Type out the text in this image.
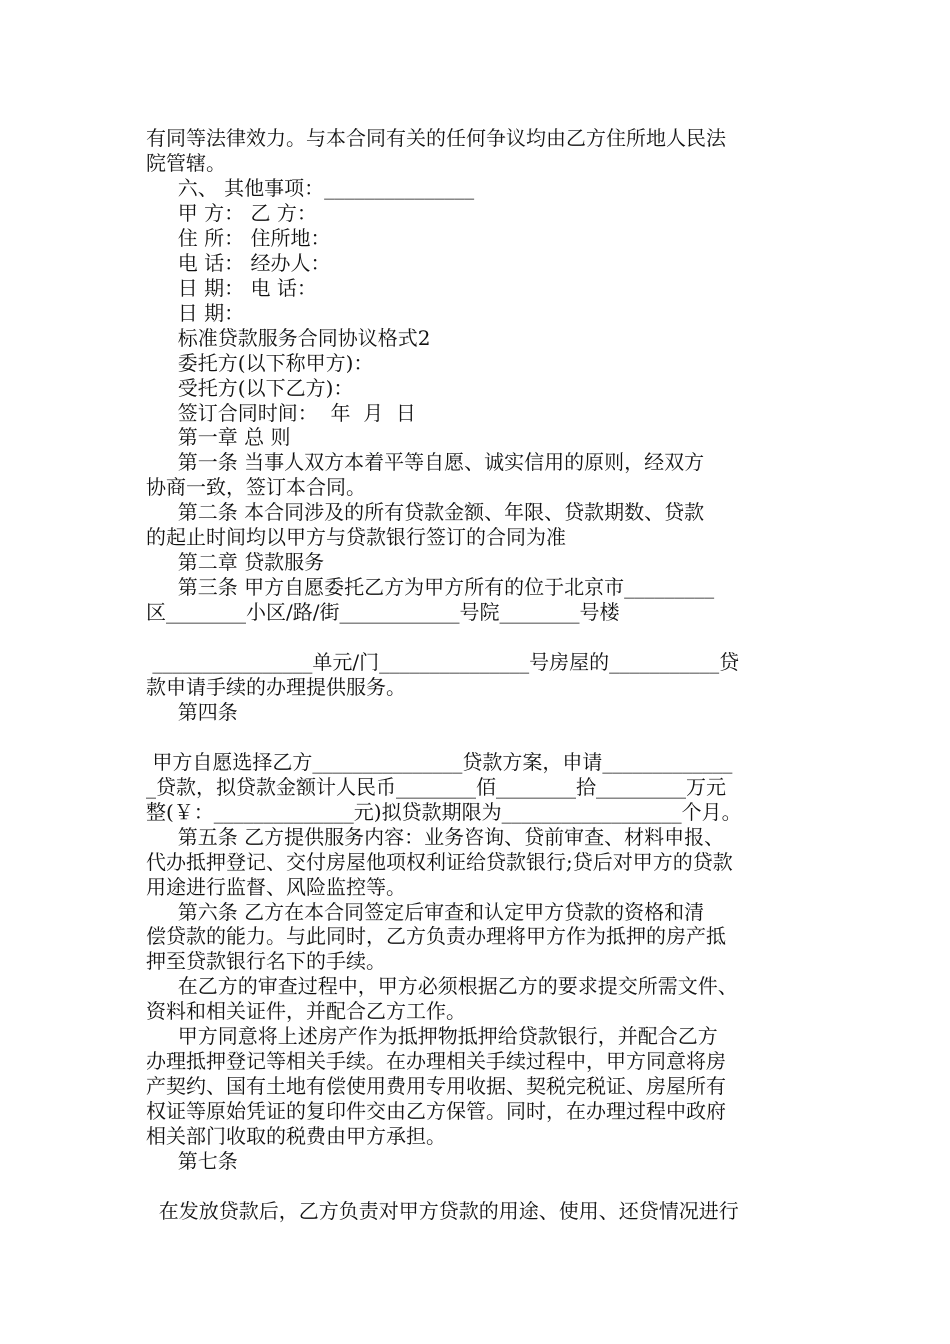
有同等法律效力。与本合同有关的任何争议均由乙方住所地人民法
院管辖。
六、 其他事项：_______________
甲 方： 乙 方：
住 所： 住所地：
电 话： 经办人：
日 期： 电 话：
日 期：
标准贷款服务合同协议格式2
委托方(以下称甲方)：
受托方(以下乙方)：
签订合同时间：  年  月  日
第一章 总 则
第一条 当事人双方本着平等自愿、诚实信用的原则，经双方
协商一致，签订本合同。
第二条 本合同涉及的所有贷款金额、年限、贷款期数、贷款
的起止时间均以甲方与贷款银行签订的合同为准
第二章 贷款服务
第三条 甲方自愿委托乙方为甲方所有的位于北京市_________
区________小区/路/街____________号院________号楼
________________单元/门_______________号房屋的___________贷
款申请手续的办理提供服务。
第四条
甲方自愿选择乙方_______________贷款方案，申请_____________
_贷款，拟贷款金额计人民币________佰________拾_________万元
整(￥：______________元)拟贷款期限为__________________个月。
第五条 乙方提供服务内容：业务咨询、贷前审查、材料申报、
代办抵押登记、交付房屋他项权利证给贷款银行;贷后对甲方的贷款
用途进行监督、风险监控等。
第六条 乙方在本合同签定后审查和认定甲方贷款的资格和清
偿贷款的能力。与此同时，乙方负责办理将甲方作为抵押的房产抵
押至贷款银行名下的手续。
在乙方的审查过程中，甲方必须根据乙方的要求提交所需文件、
资料和相关证件，并配合乙方工作。
甲方同意将上述房产作为抵押物抵押给贷款银行，并配合乙方
办理抵押登记等相关手续。在办理相关手续过程中，甲方同意将房
产契约、国有土地有偿使用费用专用收据、契税完税证、房屋所有
权证等原始凭证的复印件交由乙方保管。同时，在办理过程中政府
相关部门收取的税费由甲方承担。
第七条
在发放贷款后，乙方负责对甲方贷款的用途、使用、还贷情况进行
